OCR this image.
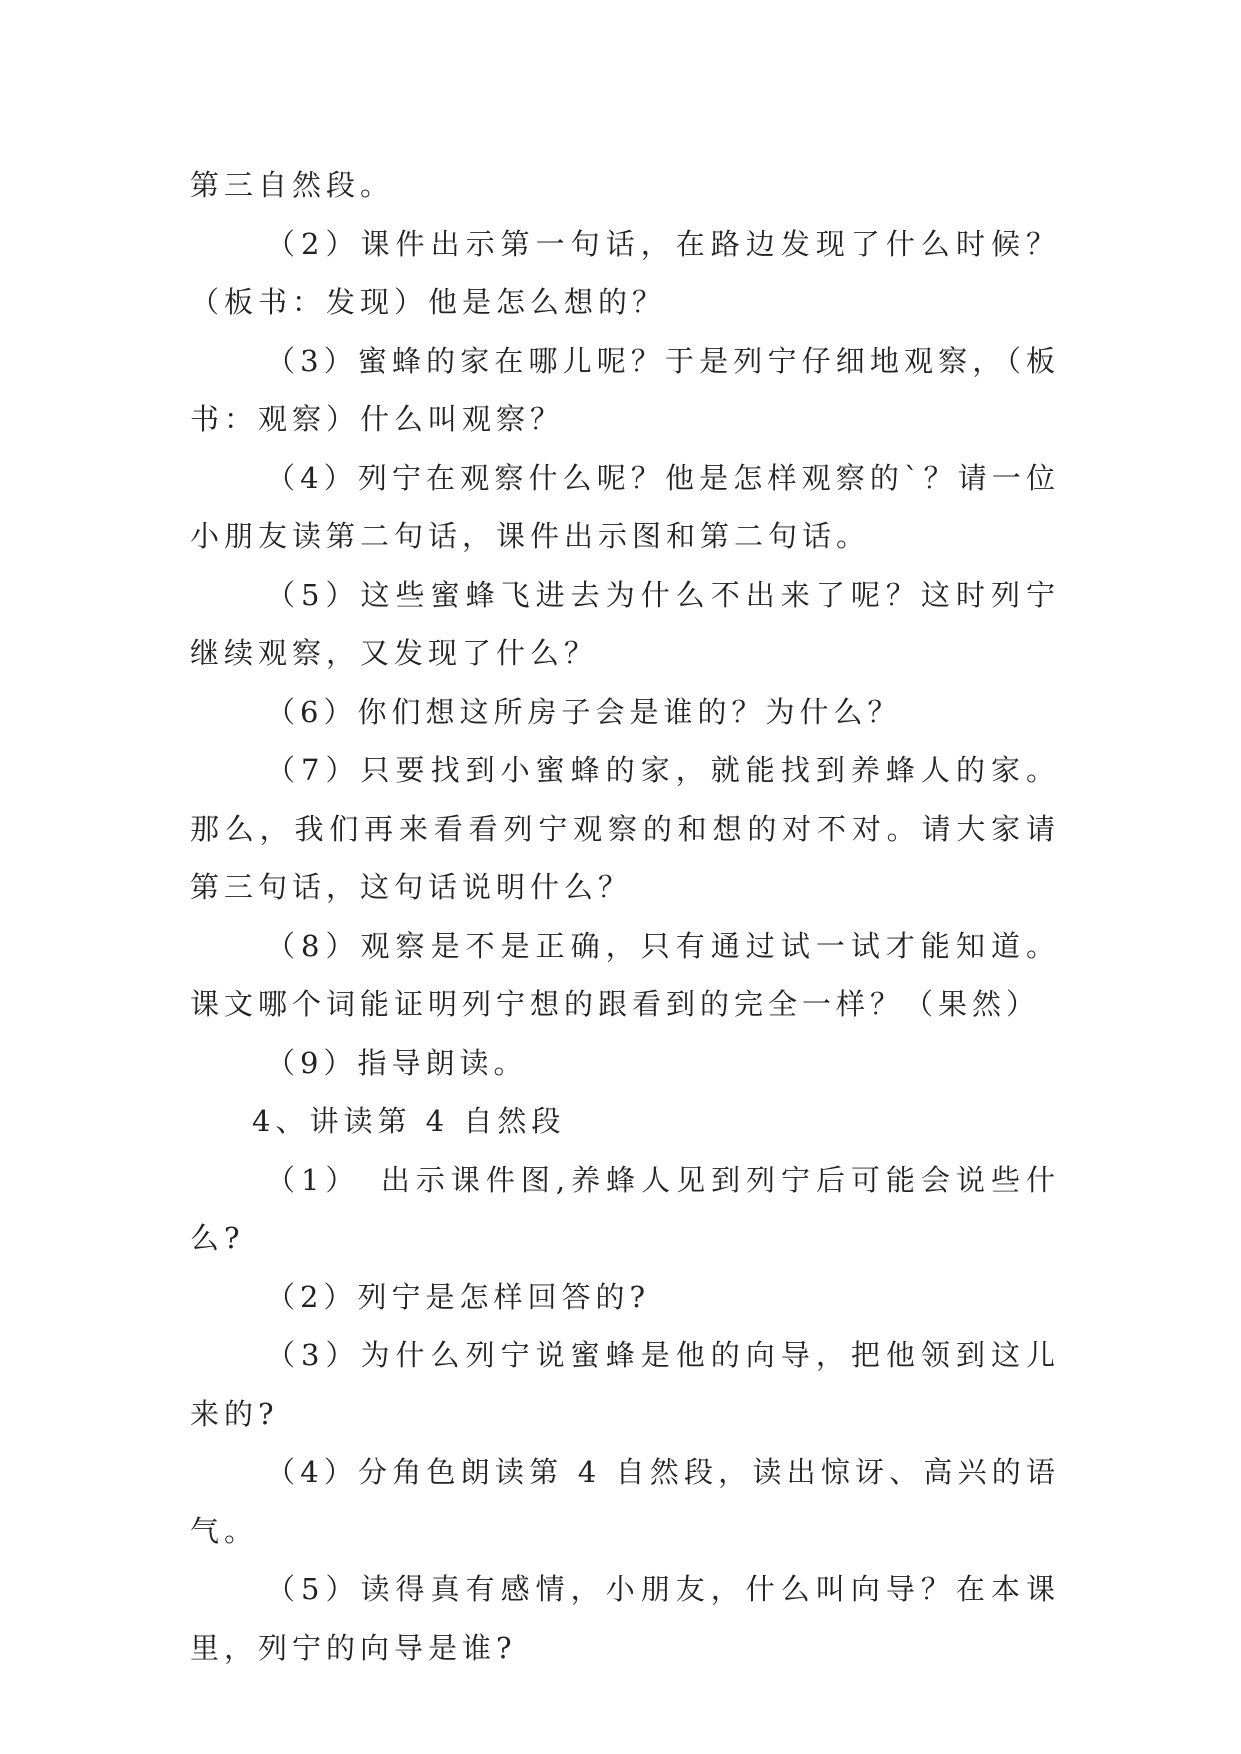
第三自然段。

（2）课件出示第一句话，在路边发现了什么时候？（板书：发现）他是怎么想的？

（3）蜜蜂的家在哪儿呢？于是列宁仔细地观察，（板书：观察）什么叫观察？

（4）列宁在观察什么呢？他是怎样观察的`？请一位小朋友读第二句话，课件出示图和第二句话。

（5）这些蜜蜂飞进去为什么不出来了呢？这时列宁继续观察，又发现了什么？

（6）你们想这所房子会是谁的？为什么？

（7）只要找到小蜜蜂的家，就能找到养蜂人的家。那么，我们再来看看列宁观察的和想的对不对。请大家请第三句话，这句话说明什么？

（8）观察是不是正确，只有通过试一试才能知道。课文哪个词能证明列宁想的跟看到的完全一样？（果然）

（9）指导朗读。

4、讲读第 4 自然段

（1）　出示课件图,养蜂人见到列宁后可能会说些什么?

（2）列宁是怎样回答的?

（3）为什么列宁说蜜蜂是他的向导，把他领到这儿来的?

（4）分角色朗读第 4 自然段，读出惊讶、高兴的语气。

（5）读得真有感情，小朋友，什么叫向导？在本课里，列宁的向导是谁?
